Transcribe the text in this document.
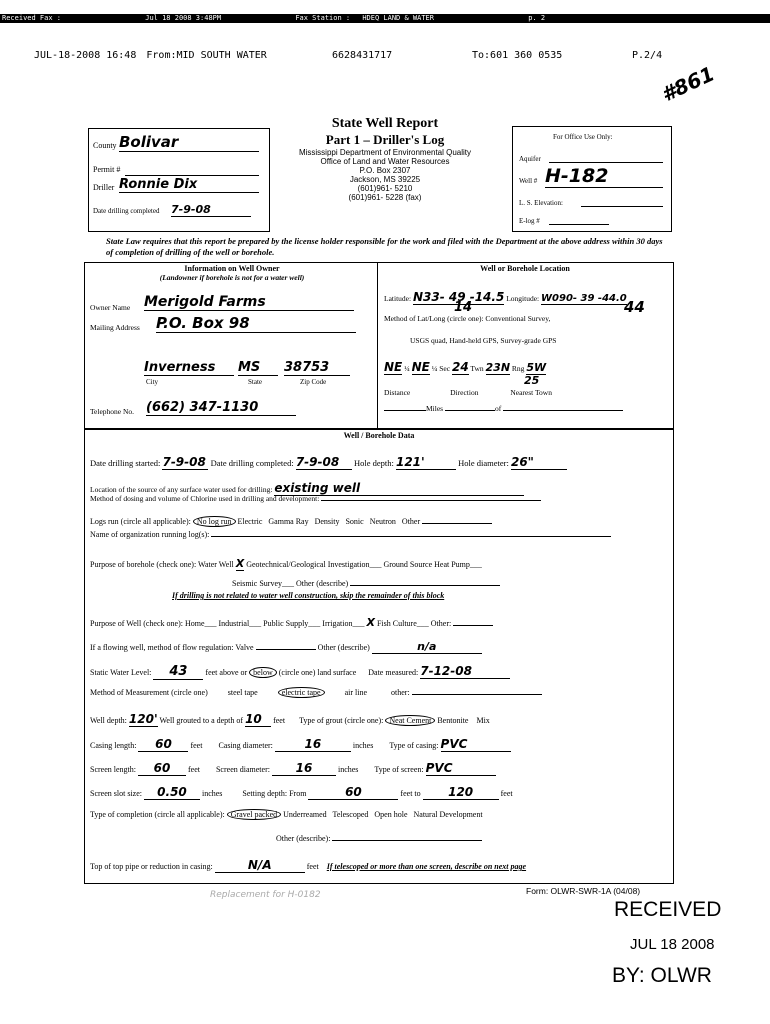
Received Fax :	Jul 18 2008 3:48PM	Fax Station : HDEQ LAND & WATER	p. 2
JUL-18-2008 16:48 From:MID SOUTH WATER	6628431717	To:601 360 0535	P.2/4
#861
State Well Report
Part 1 – Driller's Log
Mississippi Department of Environmental Quality
Office of Land and Water Resources
P.O. Box 2307
Jackson, MS 39225
(601)961- 5210
(601)961- 5228 (fax)
County Bolivar
Permit #
Driller Ronnie Dix
Date drilling completed 7-9-08
For Office Use Only:
Aquifer
Well # H-182
L. S. Elevation:
E-log #
State Law requires that this report be prepared by the license holder responsible for the work and filed with the Department at the above address within 30 days of completion of drilling of the well or borehole.
Information on Well Owner
(Landowner if borehole is not for a water well)
Owner Name Merigold Farms
Mailing Address P.O. Box 98
Inverness	MS	38753
City	State	Zip Code
Telephone No. (662) 347-1130
Well or Borehole Location
Latitude: N33- 49 -14.5 Longitude: W090- 39 -44.0
14	44
Method of Lat/Long (circle one): Conventional Survey,
USGS quad, Hand-held GPS, Survey-grade GPS
NE ¼ NE ¼ Sec 24 Twn 23N Rng 5W
25
Distance	Direction	Nearest Town
Miles	of
Well / Borehole Data
Date drilling started: 7-9-08 Date drilling completed: 7-9-08 Hole depth: 121'	Hole diameter: 26"
Location of the source of any surface water used for drilling: existing well
Method of dosing and volume of Chlorine used in drilling and development:
Logs run (circle all applicable): No log run Electric   Gamma Ray   Density   Sonic   Neutron   Other
Name of organization running log(s):
Purpose of borehole (check one): Water Well X Geotechnical/Geological Investigation___ Ground Source Heat Pump___
Seismic Survey___ Other (describe)
If drilling is not related to water well construction, skip the remainder of this block
Purpose of Well (check one): Home___ Industrial___ Public Supply___ Irrigation___ X Fish Culture___ Other:
If a flowing well, method of flow regulation: Valve	Other (describe)	n/a
Static Water Level: 43 feet above or below (circle one) land surface Date measured: 7-12-08
Method of Measurement (circle one)	steel tape	electric tape	air line	other:
Well depth: 120' Well grouted to a depth of 10 feet Type of grout (circle one): Neat Cement Bentonite    Mix
Casing length: 60 feet Casing diameter:	16	inches Type of casing: PVC
Screen length: 60 feet Screen diameter: 16	inches Type of screen: PVC
Screen slot size: 0.50 inches	Setting depth: From	60	feet to 120	feet
Type of completion (circle all applicable): Gravel packed Underreamed   Telescoped   Open hole   Natural Development
Other (describe):
Top of top pipe or reduction in casing:	N/A	feet If telescoped or more than one screen, describe on next page
Form: OLWR-SWR-1A (04/08)
Replacement for H-0182
RECEIVED
JUL 18 2008
BY: OLWR
